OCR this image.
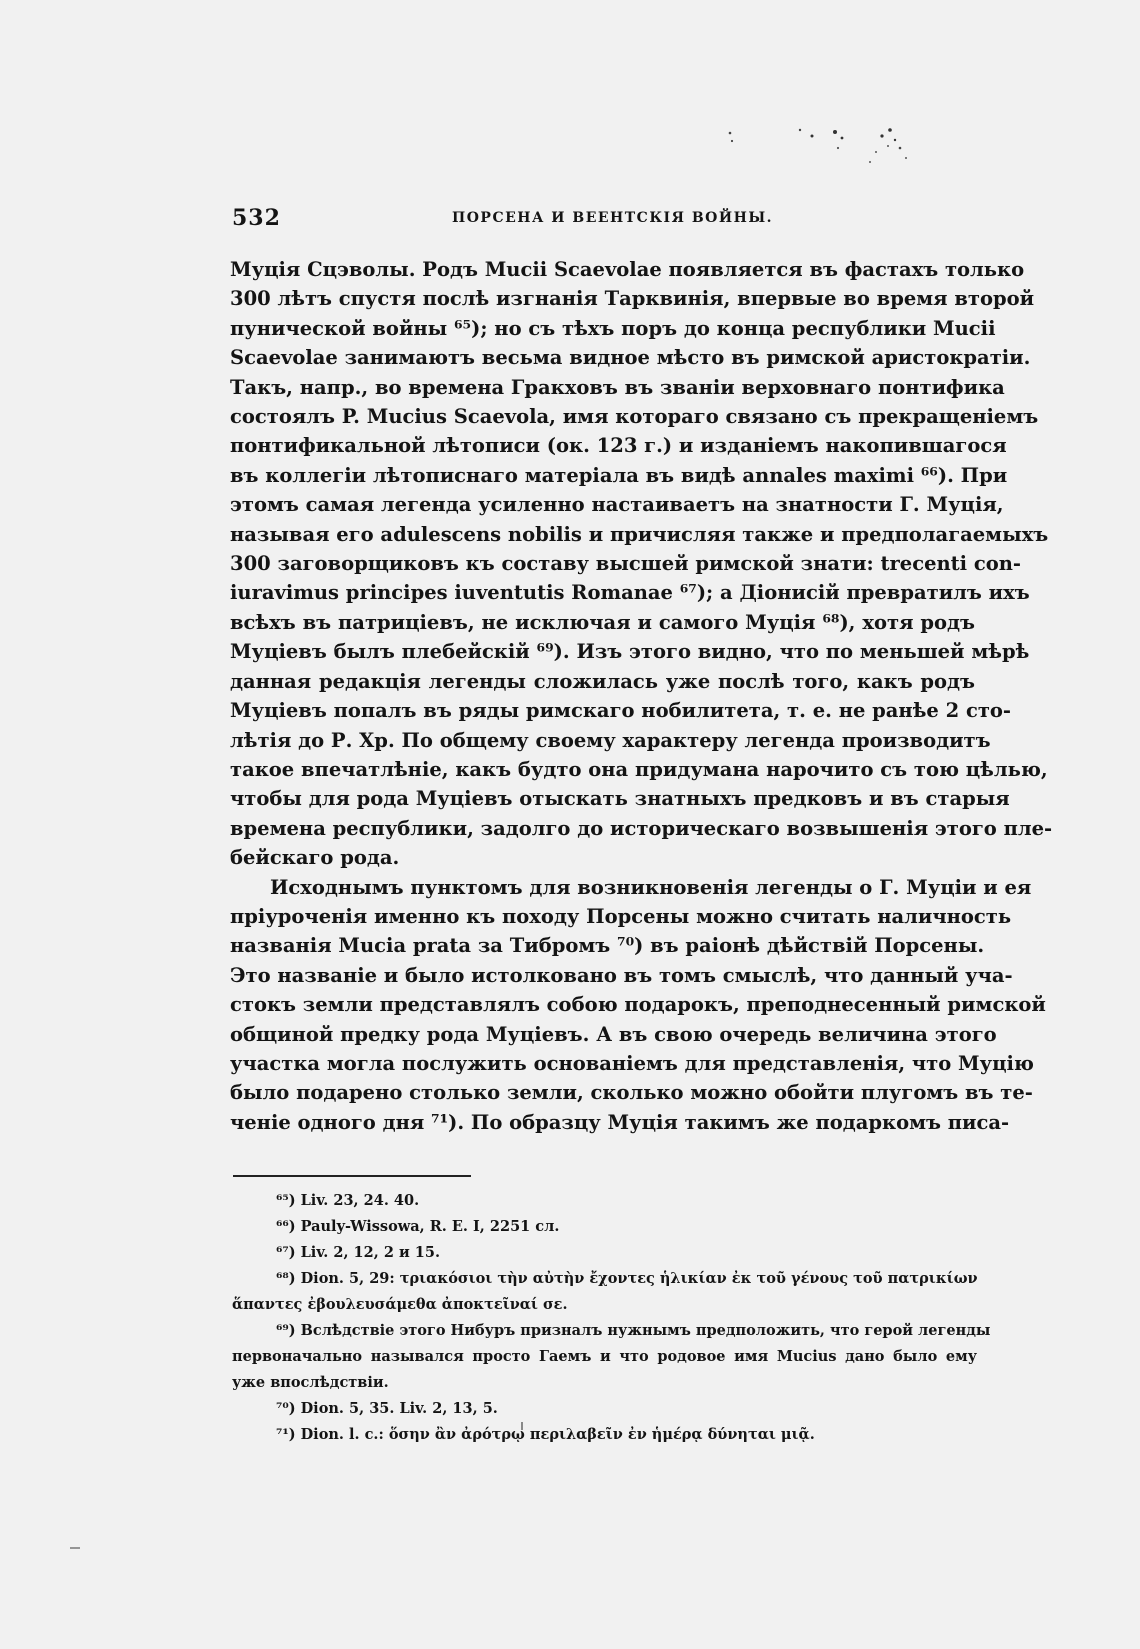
532	ПОРСЕНА И ВЕЕНТСКІЯ ВОЙНЫ.
Муція Сцэволы. Родъ Mucii Scaevolae появляется въ фастахъ только
300 лѣтъ спустя послѣ изгнанія Тарквинія, впервые во время второй
пунической войны ⁶⁵); но съ тѣхъ поръ до конца республики Mucii
Scaevolae занимаютъ весьма видное мѣсто въ римской аристократіи.
Такъ, напр., во времена Гракховъ въ званіи верховнаго понтифика
состоялъ P. Mucius Scaevola, имя котораго связано съ прекращеніемъ
понтификальной лѣтописи (ок. 123 г.) и изданіемъ накопившагося
въ коллегіи лѣтописнаго матеріала въ видѣ annales maximi ⁶⁶). При
этомъ самая легенда усиленно настаиваетъ на знатности Г. Муція,
называя его adulescens nobilis и причисляя также и предполагаемыхъ
300 заговорщиковъ къ составу высшей римской знати: trecenti con-
iuravimus principes iuventutis Romanae ⁶⁷); а Діонисій превратилъ ихъ
всѣхъ въ патриціевъ, не исключая и самого Муція ⁶⁸), хотя родъ
Муціевъ былъ плебейскій ⁶⁹). Изъ этого видно, что по меньшей мѣрѣ
данная редакція легенды сложилась уже послѣ того, какъ родъ
Муціевъ попалъ въ ряды римскаго нобилитета, т. е. не ранѣе 2 сто-
лѣтія до Р. Хр. По общему своему характеру легенда производитъ
такое впечатлѣніе, какъ будто она придумана нарочито съ тою цѣлью,
чтобы для рода Муціевъ отыскать знатныхъ предковъ и въ старыя
времена республики, задолго до историческаго возвышенія этого пле-
бейскаго рода.
Исходнымъ пунктомъ для возникновенія легенды о Г. Муціи и ея
пріуроченія именно къ походу Порсены можно считать наличность
названія Mucia prata за Тибромъ ⁷⁰) въ раіонѣ дѣйствій Порсены.
Это названіе и было истолковано въ томъ смыслѣ, что данный уча-
стокъ земли представлялъ собою подарокъ, преподнесенный римской
общиной предку рода Муціевъ. А въ свою очередь величина этого
участка могла послужить основаніемъ для представленія, что Муцію
было подарено столько земли, сколько можно обойти плугомъ въ те-
ченіе одного дня ⁷¹). По образцу Муція такимъ же подаркомъ писа-
⁶⁵) Liv. 23, 24. 40.
⁶⁶) Pauly-Wissowa, R. E. I, 2251 сл.
⁶⁷) Liv. 2, 12, 2 и 15.
⁶⁸) Dion. 5, 29: τριακόσιοι τὴν αὐτὴν ἔχοντες ἡλικίαν ἐκ τοῦ γένους τοῦ πατρικίων
ἅπαντες ἐβουλευσάμεθα ἀποκτεῖναί σε.
⁶⁹) Вслѣдствіе этого Нибуръ призналъ нужнымъ предположить, что герой легенды
первоначально назывался просто Гаемъ и что родовое имя Mucius дано было ему
уже впослѣдствіи.
⁷⁰) Dion. 5, 35. Liv. 2, 13, 5.
⁷¹) Dion. l. c.: ὅσην ἂν ἀρότρῳ περιλαβεῖν ἐν ἡμέρᾳ δύνηται μιᾷ.
